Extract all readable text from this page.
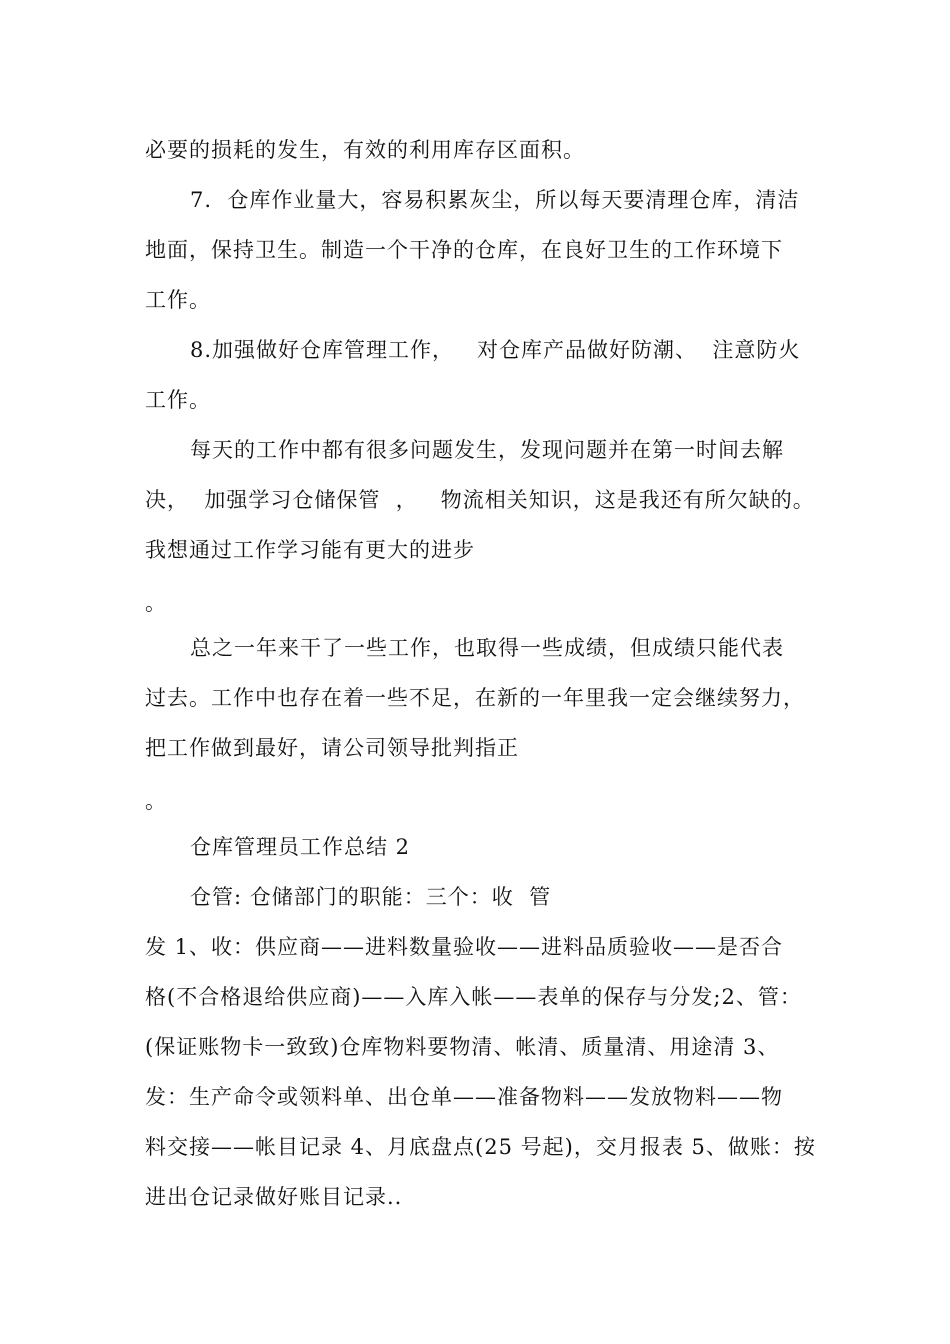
必要的损耗的发生，有效的利用库存区面积。
7.  仓库作业量大，容易积累灰尘，所以每天要清理仓库，清洁
地面，保持卫生。制造一个干净的仓库，在良好卫生的工作环境下
工作。
8.加强做好仓库管理工作，   对仓库产品做好防潮、  注意防火
工作。
每天的工作中都有很多问题发生，发现问题并在第一时间去解
决，  加强学习仓储保管  ，   物流相关知识，这是我还有所欠缺的。
我想通过工作学习能有更大的进步
。
总之一年来干了一些工作，也取得一些成绩，但成绩只能代表
过去。工作中也存在着一些不足，在新的一年里我一定会继续努力，
把工作做到最好，请公司领导批判指正
。
仓库管理员工作总结 2
仓管: 仓储部门的职能：三个：收  管
发 1、收：供应商——进料数量验收——进料品质验收——是否合
格(不合格退给供应商)——入库入帐——表单的保存与分发;2、管：
(保证账物卡一致致)仓库物料要物清、帐清、质量清、用途清 3、
发：生产命令或领料单、出仓单——准备物料——发放物料——物
料交接——帐目记录 4、月底盘点(25 号起)，交月报表 5、做账：按
进出仓记录做好账目记录..
